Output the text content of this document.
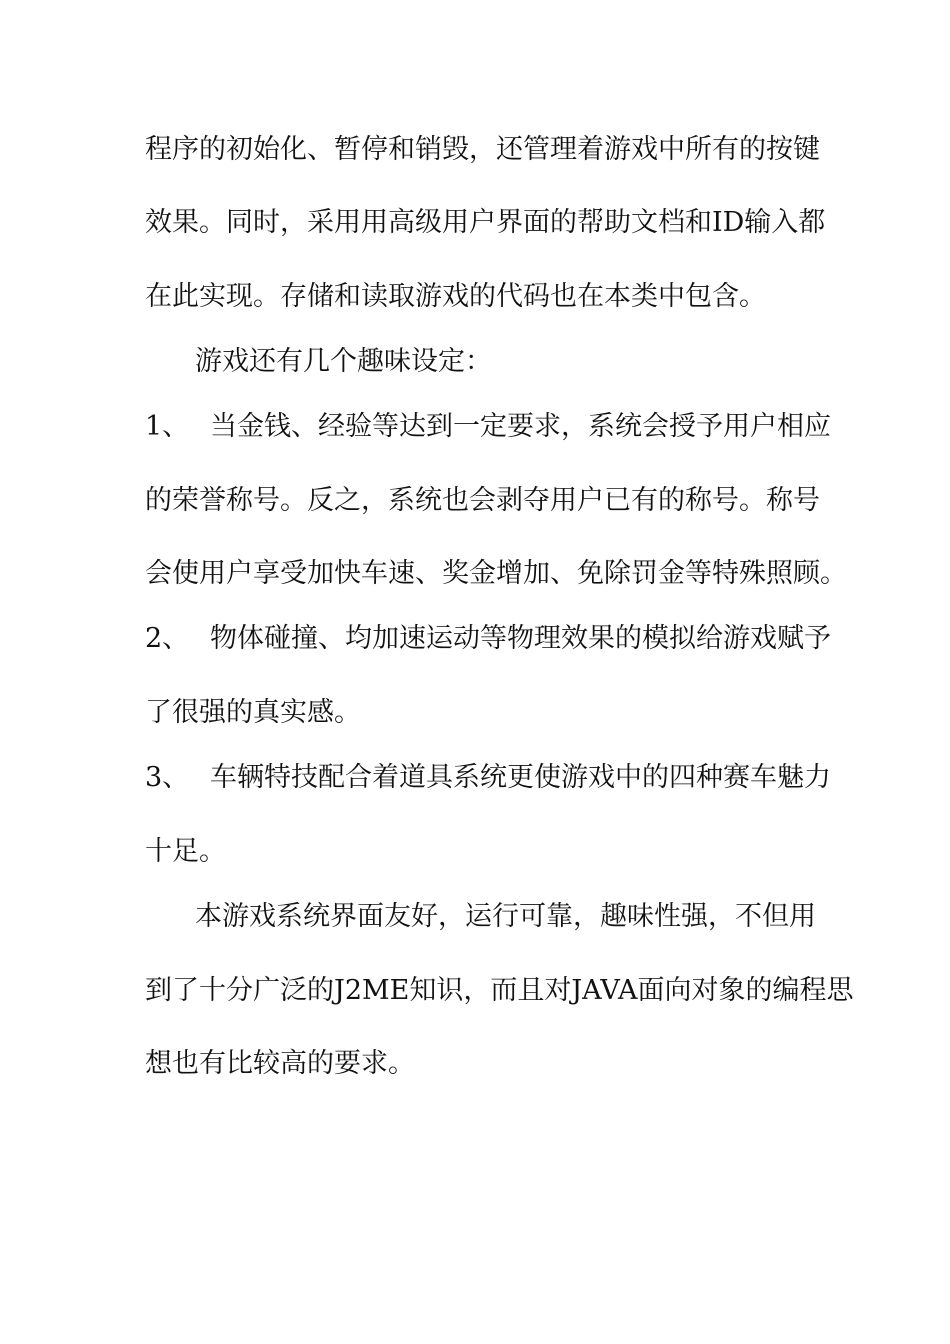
程序的初始化、暂停和销毁，还管理着游戏中所有的按键
效果。同时，采用用高级用户界面的帮助文档和ID输入都
在此实现。存储和读取游戏的代码也在本类中包含。
游戏还有几个趣味设定：
1、 当金钱、经验等达到一定要求，系统会授予用户相应
的荣誉称号。反之，系统也会剥夺用户已有的称号。称号
会使用户享受加快车速、奖金增加、免除罚金等特殊照顾。
2、 物体碰撞、均加速运动等物理效果的模拟给游戏赋予
了很强的真实感。
3、 车辆特技配合着道具系统更使游戏中的四种赛车魅力
十足。
本游戏系统界面友好，运行可靠，趣味性强，不但用
到了十分广泛的J2ME知识，而且对JAVA面向对象的编程思
想也有比较高的要求。
